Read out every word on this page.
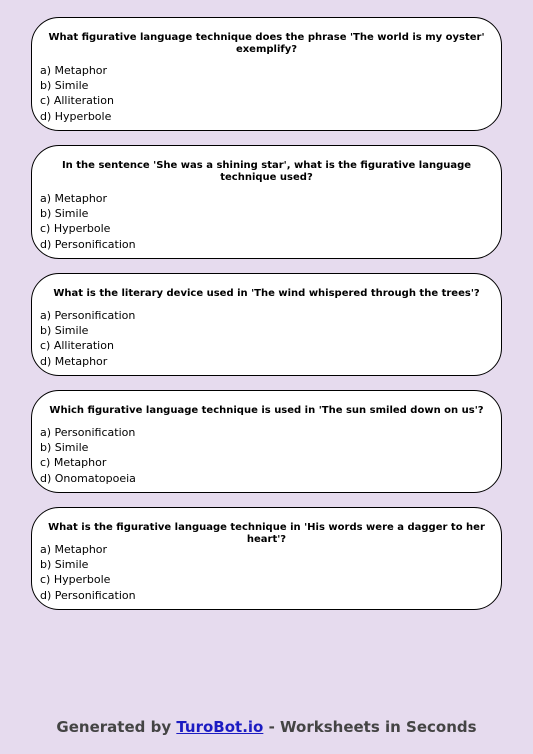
What figurative language technique does the phrase 'The world is my oyster' exemplify?

a) Metaphor
b) Simile
c) Alliteration
d) Hyperbole

In the sentence 'She was a shining star', what is the figurative language technique used?

a) Metaphor
b) Simile
c) Hyperbole
d) Personification

What is the literary device used in 'The wind whispered through the trees'?

a) Personification
b) Simile
c) Alliteration
d) Metaphor

Which figurative language technique is used in 'The sun smiled down on us'?

a) Personification
b) Simile
c) Metaphor
d) Onomatopoeia

What is the figurative language technique in 'His words were a dagger to her heart'?

a) Metaphor
b) Simile
c) Hyperbole
d) Personification
Generated by TuroBot.io - Worksheets in Seconds
